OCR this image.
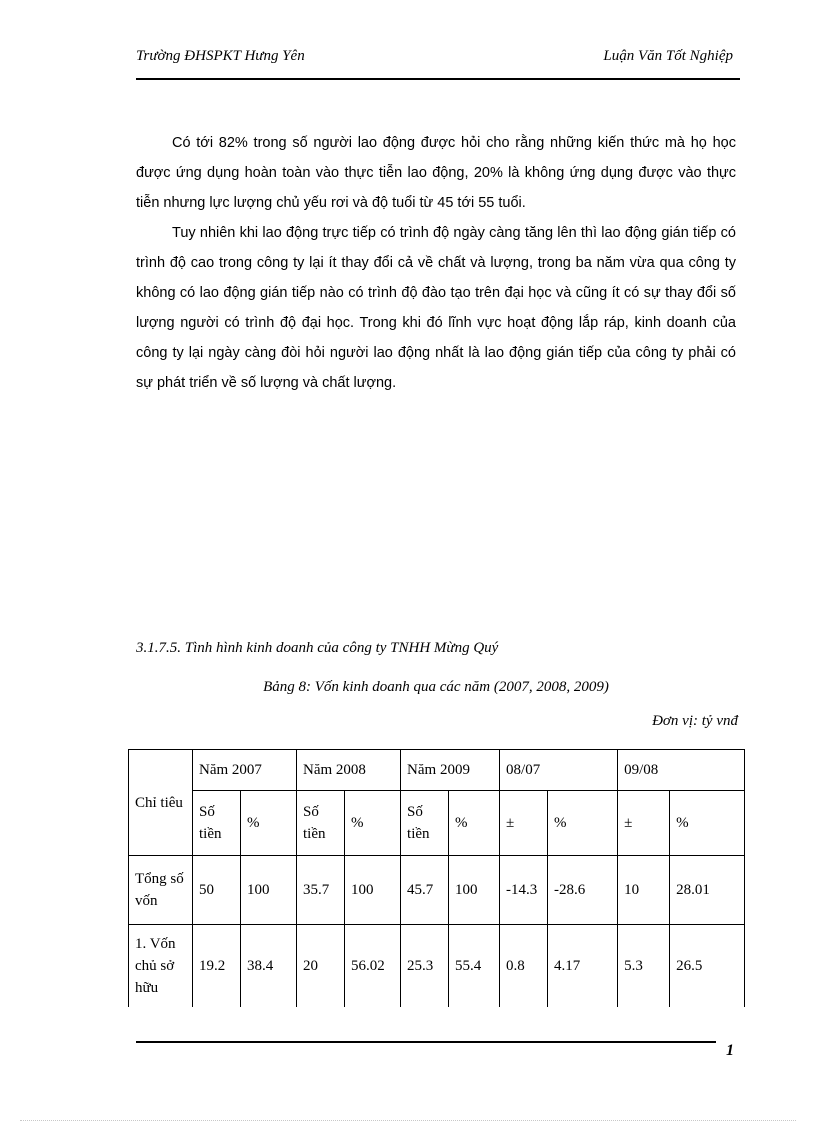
Trường ĐHSPKT Hưng Yên	Luận Văn Tốt Nghiệp

Có tới 82% trong số người lao động được hỏi cho rằng những kiến thức mà họ học được ứng dụng hoàn toàn vào thực tiễn lao động, 20% là không ứng dụng được vào thực tiễn nhưng lực lượng chủ yếu rơi và độ tuổi từ 45 tới 55 tuổi.

Tuy nhiên khi lao động trực tiếp có trình độ ngày càng tăng lên thì lao động gián tiếp có trình độ cao trong công ty lại ít thay đổi cả về chất và lượng, trong ba năm vừa qua công ty không có lao động gián tiếp nào có trình độ đào tạo trên đại học và cũng ít có sự thay đổi số lượng người có trình độ đại học. Trong khi đó lĩnh vực hoạt động lắp ráp, kinh doanh của công ty lại ngày càng đòi hỏi người lao động nhất là lao động gián tiếp của công ty phải có sự phát triển về số lượng và chất lượng.

3.1.7.5. Tình hình kinh doanh của công ty TNHH Mừng Quý
Bảng 8: Vốn kinh doanh qua các năm (2007, 2008, 2009)
Đơn vị: tỷ vnđ
Chỉ tiêu	Năm 2007		Năm 2008		Năm 2009		08/07		09/08	
	Số tiền	%	Số tiền	%	Số tiền	%	±	%	±	%
Tổng số vốn	50	100	35.7	100	45.7	100	-14.3	-28.6	10	28.01
1. Vốn chủ sở hữu	19.2	38.4	20	56.02	25.3	55.4	0.8	4.17	5.3	26.5
1
